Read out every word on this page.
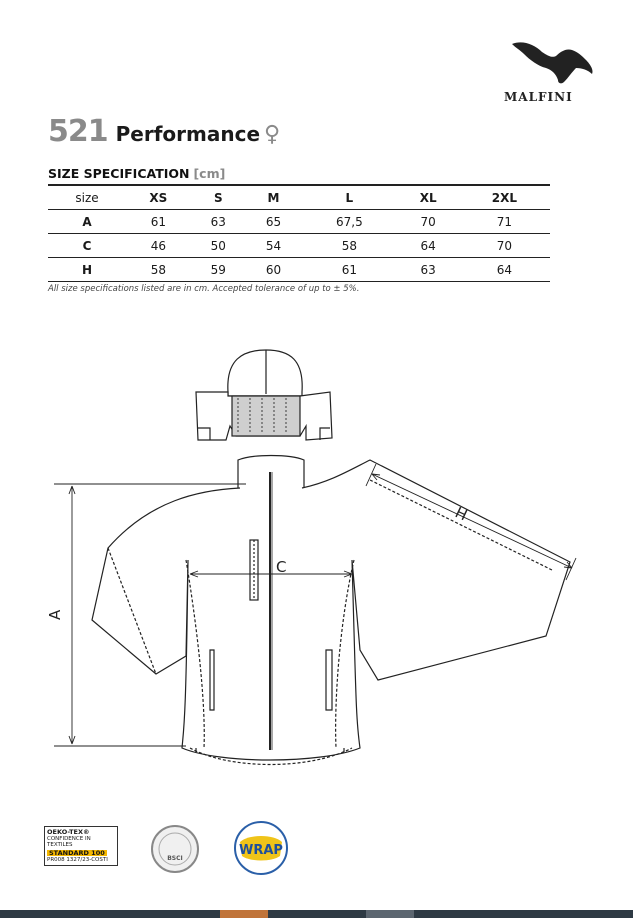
MALFINI
521 Performance ♀
SIZE SPECIFICATION [cm]
size	XS	S	M	L	XL	2XL
A	61	63	65	67,5	70	71
C	46	50	54	58	64	70
H	58	59	60	61	63	64
All size specifications listed are in cm. Accepted tolerance of up to ± 5%.
A
C
H
OEKO-TEX®
CONFIDENCE IN TEXTILES
STANDARD 100
PR008 1327/23-COSTI	BSCI
WRAP
